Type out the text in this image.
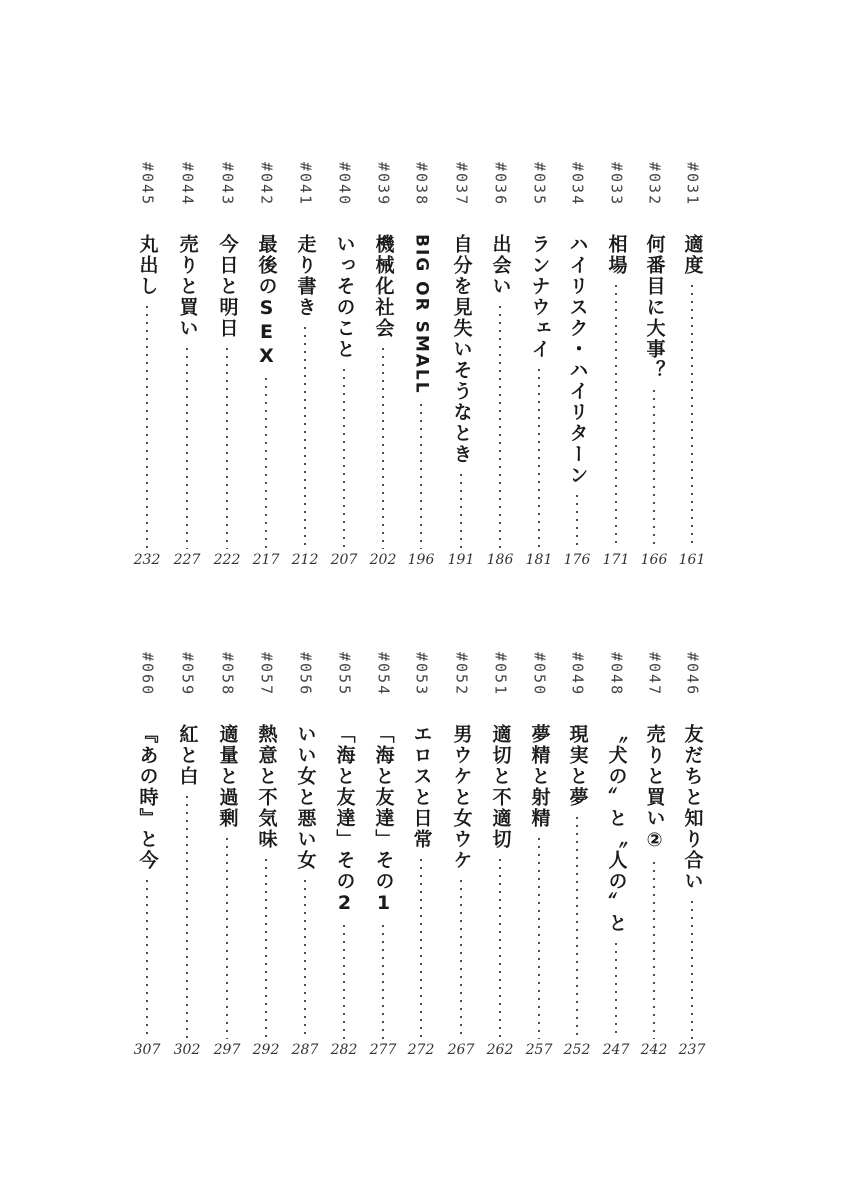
#031
適度
161
#032
何番目に大事？
166
#033
相場
171
#034
ハイリスク・ハイリターン
176
#035
ランナウェイ
181
#036
出会い
186
#037
自分を見失いそうなとき
191
#038
BIG OR SMALL
196
#039
機械化社会
202
#040
いっそのこと
207
#041
走り書き
212
#042
最後のSEX
217
#043
今日と明日
222
#044
売りと買い
227
#045
丸出し
232
#046
友だちと知り合い
237
#047
売りと買い②
242
#048
〝犬の〟と〝人の〟と
247
#049
現実と夢
252
#050
夢精と射精
257
#051
適切と不適切
262
#052
男ウケと女ウケ
267
#053
エロスと日常
272
#054
「海と友達」その1
277
#055
「海と友達」その2
282
#056
いい女と悪い女
287
#057
熱意と不気味
292
#058
適量と過剰
297
#059
紅と白
302
#060
『あの時』と今
307
